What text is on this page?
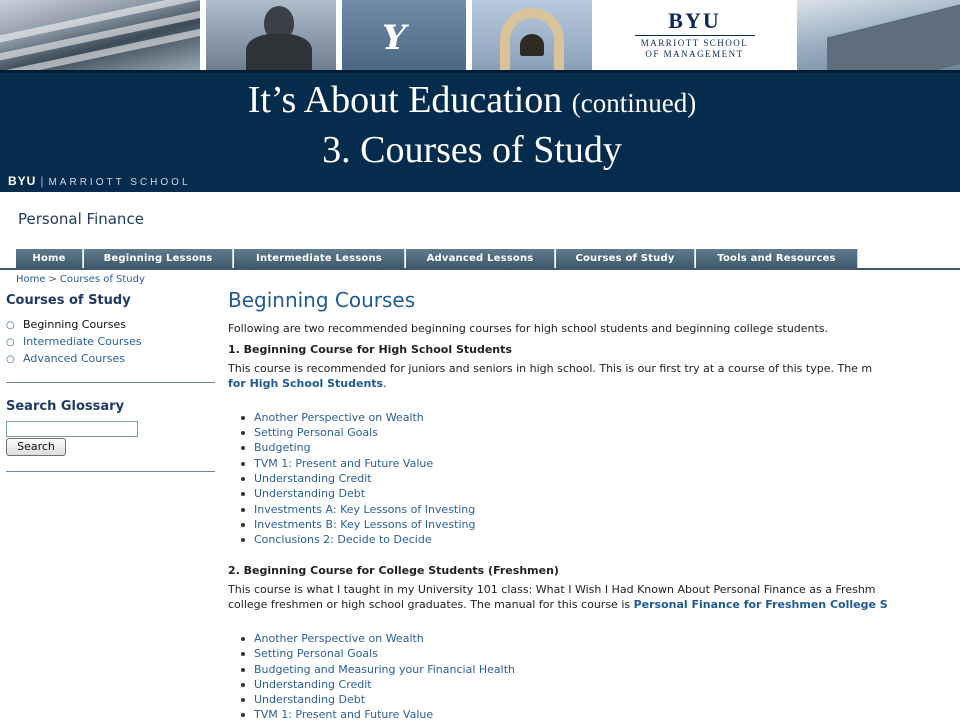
Y	BYU
MARRIOTT SCHOOL
OF MANAGEMENT
It’s About Education (continued)
3. Courses of Study
BYU | MARRIOTT SCHOOL
Personal Finance
Home	Beginning Lessons	Intermediate Lessons	Advanced Lessons	Courses of Study	Tools and Resources
Home > Courses of Study
Courses of Study
○ Beginning Courses
○ Intermediate Courses
○ Advanced Courses
Search Glossary
Search
Beginning Courses
Following are two recommended beginning courses for high school students and beginning college students.
1. Beginning Course for High School Students
This course is recommended for juniors and seniors in high school. This is our first try at a course of this type. The m
for High School Students.
Another Perspective on Wealth
Setting Personal Goals
Budgeting
TVM 1: Present and Future Value
Understanding Credit
Understanding Debt
Investments A: Key Lessons of Investing
Investments B: Key Lessons of Investing
Conclusions 2: Decide to Decide
2. Beginning Course for College Students (Freshmen)
This course is what I taught in my University 101 class: What I Wish I Had Known About Personal Finance as a Freshm
college freshmen or high school graduates. The manual for this course is Personal Finance for Freshmen College S
Another Perspective on Wealth
Setting Personal Goals
Budgeting and Measuring your Financial Health
Understanding Credit
Understanding Debt
TVM 1: Present and Future Value
